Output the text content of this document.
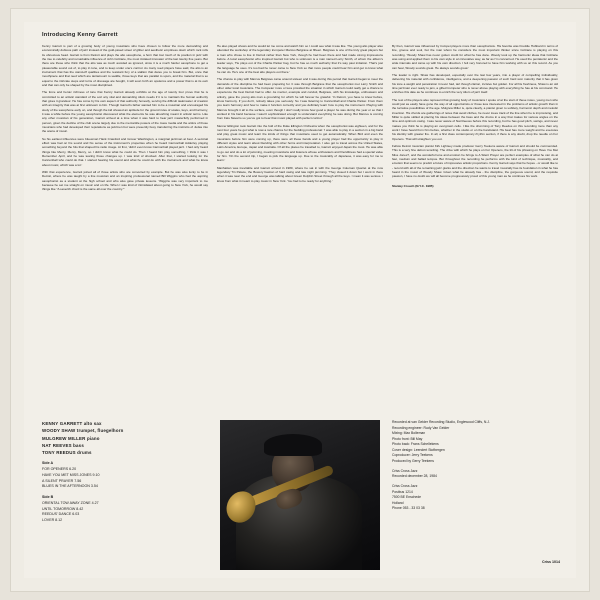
Introducing Kenny Garrett

Kenny Garrett is part of a growing body of young musicians who have chosen to follow the more demanding and economically dubious path of jazz instead of the gold-paved street of glitter and aesthetic emptiness down which rock rolls its obnoxious head. Garrett is from Detroit and plays the alto saxophone, a horn that lost much of its position in jazz with the rise to celebrity and remarkable influence of John Coltrane, the most imitated innovator of the last twenty five years. But there are those who think that the alto was as much avoided as ignored, since it is a much harder saxophone to get a pleasurable sound out of, to play in tune, and to keep under one's control. As many reed players have said, the alto is an instrument that has the stand-off qualities and the resistant fury of a stallion that dares you to break him. But, once that mouthpiece and that reed which are tantamount to saddle, those keys that are parallel to spurs, and the material that is so equal to the intricate steps and turns of dressage are bought, it will soon forth an opulence and a power that is at its own and that can only be shaped by the most disciplined.

The force and heroic richness of tone that Kenny Garrett already exhibits at the age of twenty four prove that he is committed to an artistic standard of the sort any vital and demanding idiom needs if it is to maintain the human authority that gives it grandeur. He has come by his own aspect of that authority honestly, serving the difficult taskmaster of creation with an integrity that was at first unknown to him. Though Garrett's father wanted him to be a musician and encouraged his study of the saxophone early on, and though the kid showed an aptitude for the ground rules of scales, keys, and harmony, it was a while before the young saxophonist discovered what the elements he was absorbing meant in artistic terms. Like any other musician of his generation, Garrett arrived at a time when it was hard to hear jazz masterfully performed in person, given the decline of the club scene largely due to the mercantile powers of the mass media and the antics of those musicians who had developed their reputations as jazzmen but were presently busy transferring the instincts of Judas into the arena of music.

So his earliest influences were bluesman Hank Crawford and Grover Washington, a marginal jazzman at best. A seminal effect was had on his sound and his sense of the instrument's properties when he heard Cannonball Adderley playing something beyond the hits that shaped his radio image. At first, 'didn't even know Cannonball played jazz. I had only heard things like Mercy, Mercy, Mercy, so I didn't know what he could do. Then I heard him play something, I think it was I Remember April, and he was tearing those changes up. I was kind of shocked. After that, I started looking for the Cannonball who could do that. I started hearing his sound and what he could do with the instrument and what he knew about music, which was a lot.'

With that experience, Garrett joined all of those artists who are converted by example. But he was also lucky to be in Detroit, where he was taught by a line musician and an inspiring professional named Bill Wiggins who had the aspiring saxophonist as a student at the high school and who also gave private lessons. 'Wiggins was very important to me because he set me straight on music and on life. When I was kind of intimidated about going to New York, he would say things like "A seventh chord is the same all over the country."'

He also played shows and he would let me come and watch him so I could see what it was like. The young alto player also attended the workshop of the legendary trumpeter Marcus Belgrave at fifteen. Belgrave is one of the truly great players but a man who chose to live in Detroit rather than New York, though he had been there and had made strong impressions before. A local saxophonist who inspired Garrett but who is unknown is a man named Larry Smith, of whom the album's leader says, 'He plays out of the Charlie Parker bag, but he has so much authority that it's way past imitation. That's just the language he uses. It's too bad he never came to New York so that more people could hear him and get to know what he can do. He's one of the best alto players out there.'

The chance to play with Marcus Belgrave came around sixteen and it was during this period that Garrett began to meet the demands of the discipline he had been preparing for. It was through Belgrave that the saxophonist met Larry Smith and other older local musicians. The trumpeter more or less provided the situation in which Garrett could really get a chance to experience the best Detroit had to offer. As mentor, example and conduit, Belgrave, with his knowledge, enthusiasm and artistry, gave the young alto man a grounding for which he will forever be grateful. 'In Detroit, you have to know before, know harmony. If you don't, nobody takes you seriously. So I was listening to Cannonball and Charlie Parker. From them you learn harmony and how to make it function correctly and you definitely learn how to play the instrument. Playing with Marcus brought it all to the surface, even though I don't really know how good a player he was during the year or so that I worked in his band because I wasn't sophisticated enough to understand everything he was doing. But Marcus is coming from Fats Navarro so you've got to hear that music played with perfect control.'

Mercer Ellington took Garrett into the fold of the Duke Ellington Orchestra when the saxophonist was eighteen, and for the next four years he got what is now a rare chance for the budding professional: 'I was able to play in a section in a big band and play great music and learn the kinds of things that musicians used to get automatically. When Bird and even the musicians before him were coming up, there were all these bands and a young player had the opportunity to play in different styles and learn about blending with other horns and interpretation. I also got to travel across the United States, Latin America, Europe, Japan and Australia. Of all the places he travelled to, Garrett enjoyed Japan the most. He was able to go out and do a lot of jamming, meeting musicians and listeners whose enthusiasm and friendliness had a special value for him. 'On the second trip, I began to pick the language up. Due to the musicality of Japanese, it was easy for me to learn.'

Manhattan was inevitable and Garrett arrived in 1980, where he sat in with the George Coleman Quartet at the now legendary Tin Palace, the Bowery bastion of hard swing and late night jamming. 'They closed it down but I went in there when it was near the end and George was talking about Green Dolphin Street through all the keys. I mean it was serious. I knew from what it meant to play music in New York. You had to be ready for anything.'

By then, Garrett was influenced by trumpet players more than saxophonists. His favorite was Freddie Hubbard in terms of line, groove and soul, but the man whom he considers the most important thinker since Coltrane is playing on this recording. 'Woody Shaw has never gotten credit for what he has done. Woody took up the harmonic ideas that Coltrane was using and applied them to his own style in an innovative way, as far as I'm concerned. He used the pentatonic and the wide intervals and came up with his own direction. I felt very honored to have him working with us on this record. As you can hear, Woody sounds great. He always sounds great.'

The leader is right. Shaw has developed, especially over the last few years, into a player of compelling individuality, delivering his material with confidence, intelligence, and a deepening passion of such hard won maturity that it has given his tone a weight and penetration it never had, tart though clarion, incisive but golden. For all his freshness, Shaw is an old time jazzman ever ready to jam, a gifted trumpeter who is never above playing with everything he has at his command. He enriches this date as he continues to enrich the very idiom of jazz itself.

The rest of the players also represent that growing body of musicians I spoke of at the start of these notes, young men who could just as easily have gone the way of all opportunists or those less interested in the problems of artistic growth than in the lucrative possibilities of the age. Mulgrew Miller is, quite clearly, a pianist given to subtlety, harmonic depth and melodic invention. His chords are gatherings of notes that avoid cliches, he never loses track of the line when he is improvising, and Miller is quite skilled at placing his ideas between the bass and the drums in a way that makes for various angles on the time and optimum swing. I was never aware of Nat Reeves before this recording, but he has good pitch, swings, and never makes you think he is playing an overgrown cello. I like the drumming of Tony Reedus on this recording more than any work I have heard from him before, whether in the studio or on the bandstand. His beat has more weight and he executes his identity with greater fire. In all, a first class contemporary rhythm section, if there is any doubt, drop the needle on For Openers. That will straighten you out.

Fellow Detroit musician pianist Kirk Lightsey made producer Gerry Teekens aware of Garrett and should be commended. This is a very fine debut recording. The drive with which he plays on For Openers, the tilt of his phrasing on Have You Met Miss Jones?, and the wonderful tone and emotion he brings to A Silent Prayer are perfect examples of what he can do at fast, medium and ballad tempos. But throughout the recording he performs with the kind of technique, musicality, and emotion that seems to predict a future of impressive artistic proportions. Kenny Garrett says that he hopes - or would like to - record with all of the remaining jazz giants and the direction he wants to travel musically has its foundation in what he has heard in the music of Woody Shaw. Given what he already has - the discipline, the gorgeous sound, and the requisite passion, I have no doubt we will all become progressively proud of this young man as he continues his work.

Stanley Crouch (N.Y.C. 1985)
KENNY GARRETT alto sax
WOODY SHAW trumpet, fluegelhorn
MULGREW MILLER piano
NAT REEVES bass
TONY REEDUS drums
Side A
FOR OPENERS 6.20
HAVE YOU MET MISS JONES 9.10
A SILENT PRAYER 7.56
BLUES IN THE AFTERNOON 3.54
Side B
ORIENTAL TOW AWAY ZONE 4.27
UNTIL TOMORROW 8.42
REEDUS' DANCE 6.03
LOVER 8.12
Recorded at van Gelder Recording Studio, Englewood Cliffs, N.J.
Recording engineer: Rudy Van Gelder
Mixing: Max Bolleman
Photo front: Bill May
Photo back: Frans Schellekens
Cover design: Leendert Stofbergen
Coproducer: Jerry Teekens
Produced by Gerry Teekens
Criss Cross Jazz
Recorded december 28, 1984
Criss Cross Jazz
Postbus 1214
7500 BE Enschede
Holland
Phone 053 - 33 03 38
Criss 1014
